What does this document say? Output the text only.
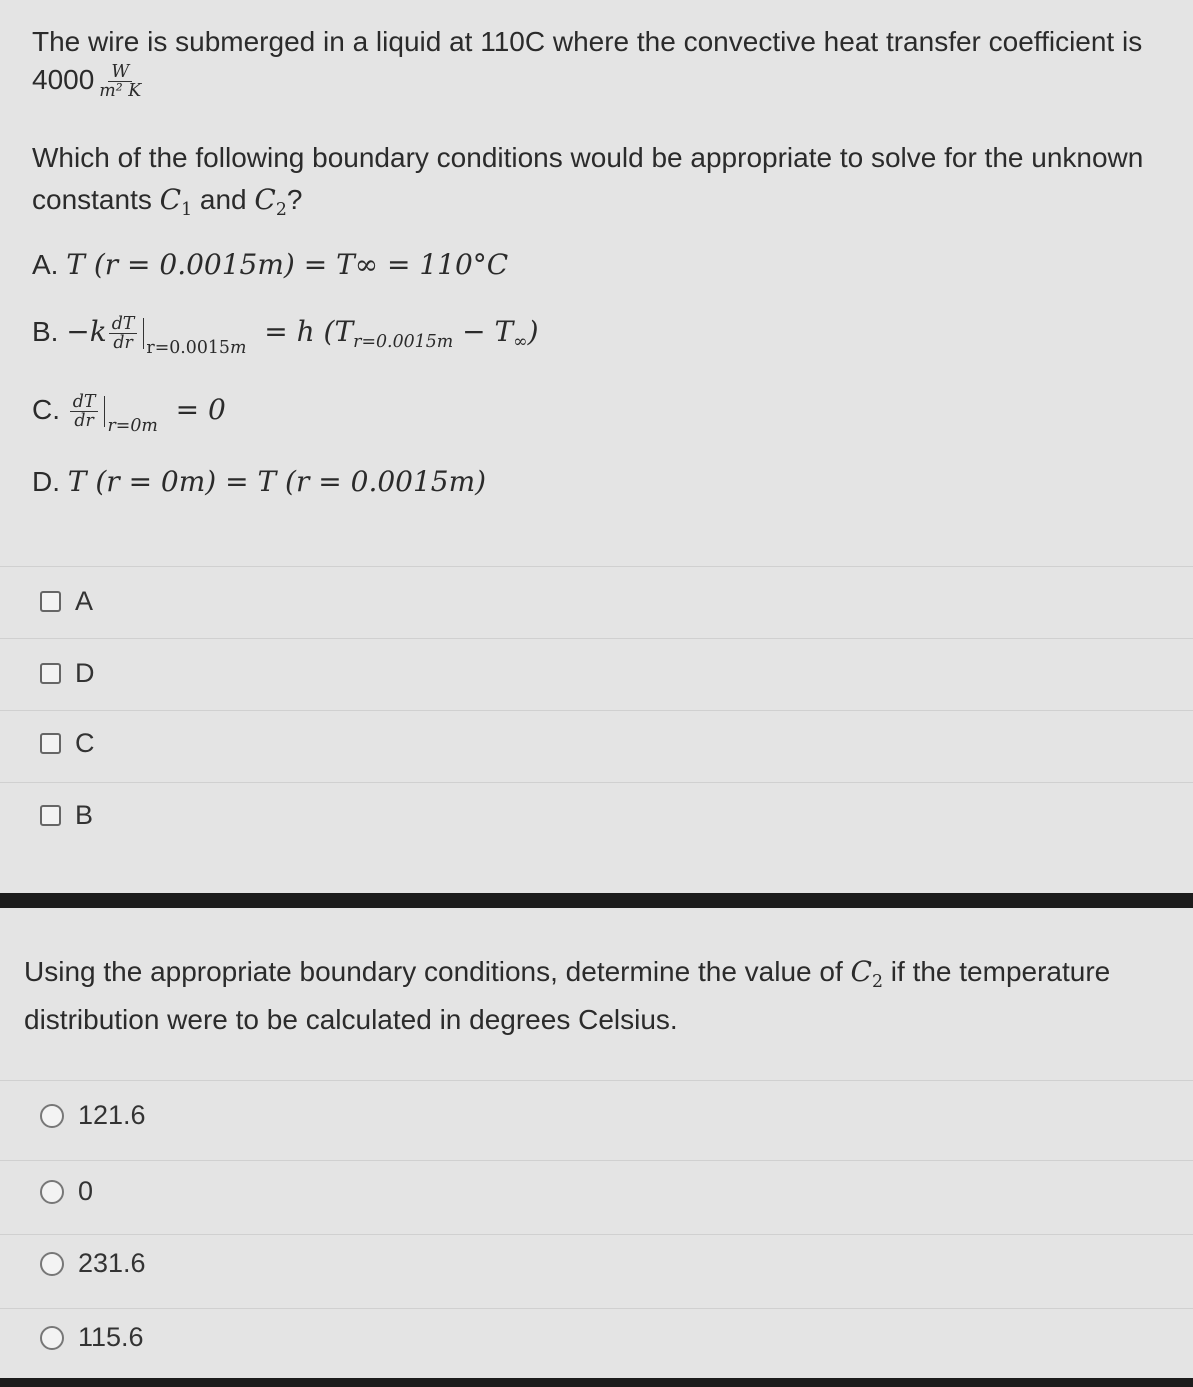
The wire is submerged in a liquid at 110C where the convective heat transfer coefficient is
$4000 \frac{W}{\text{m² K}}$
Which of the following boundary conditions would be appropriate to solve for the unknown
constants $C_1$ and $C_2$?
A. T (r = 0.0015m) = T∞ = 110°C
B. $-k \frac{dT}{dr} _{r=0.0015m} = h$ $(T_{r=0.0015m} - T_\infty)$
C. $\frac{dT}{dr} _{r=0m} = 0$
D. T (r = 0m) = T (r = 0.0015m)
A
D
C
B
Using the appropriate boundary conditions, determine the value of $C_2$ if the temperature
distribution were to be calculated in degrees Celsius.
121.6
0
231.6
115.6
